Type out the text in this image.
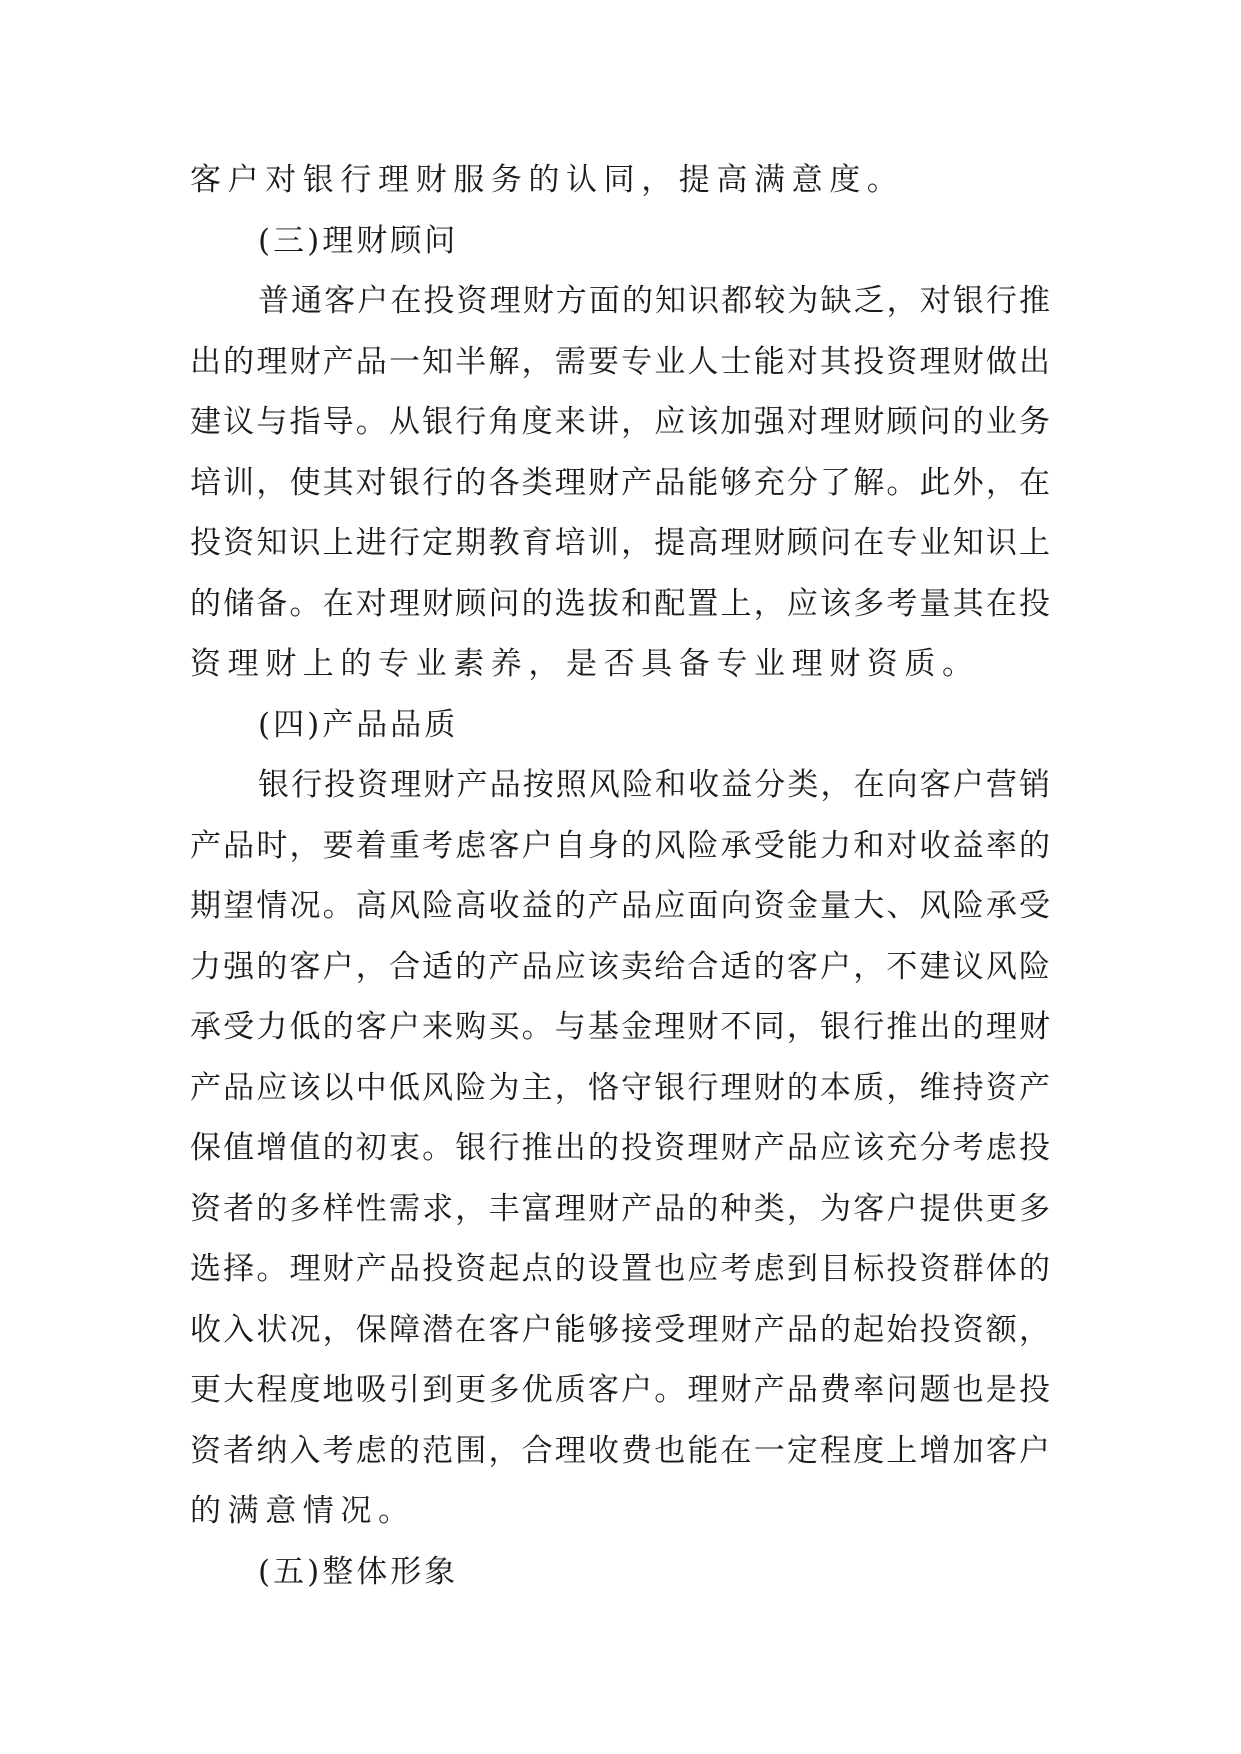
客户对银行理财服务的认同，提高满意度。
(三)理财顾问
普通客户在投资理财方面的知识都较为缺乏，对银行推
出的理财产品一知半解，需要专业人士能对其投资理财做出
建议与指导。从银行角度来讲，应该加强对理财顾问的业务
培训，使其对银行的各类理财产品能够充分了解。此外，在
投资知识上进行定期教育培训，提高理财顾问在专业知识上
的储备。在对理财顾问的选拔和配置上，应该多考量其在投
资理财上的专业素养，是否具备专业理财资质。
(四)产品品质
银行投资理财产品按照风险和收益分类，在向客户营销
产品时，要着重考虑客户自身的风险承受能力和对收益率的
期望情况。高风险高收益的产品应面向资金量大、风险承受
力强的客户，合适的产品应该卖给合适的客户，不建议风险
承受力低的客户来购买。与基金理财不同，银行推出的理财
产品应该以中低风险为主，恪守银行理财的本质，维持资产
保值增值的初衷。银行推出的投资理财产品应该充分考虑投
资者的多样性需求，丰富理财产品的种类，为客户提供更多
选择。理财产品投资起点的设置也应考虑到目标投资群体的
收入状况，保障潜在客户能够接受理财产品的起始投资额，
更大程度地吸引到更多优质客户。理财产品费率问题也是投
资者纳入考虑的范围，合理收费也能在一定程度上增加客户
的满意情况。
(五)整体形象
